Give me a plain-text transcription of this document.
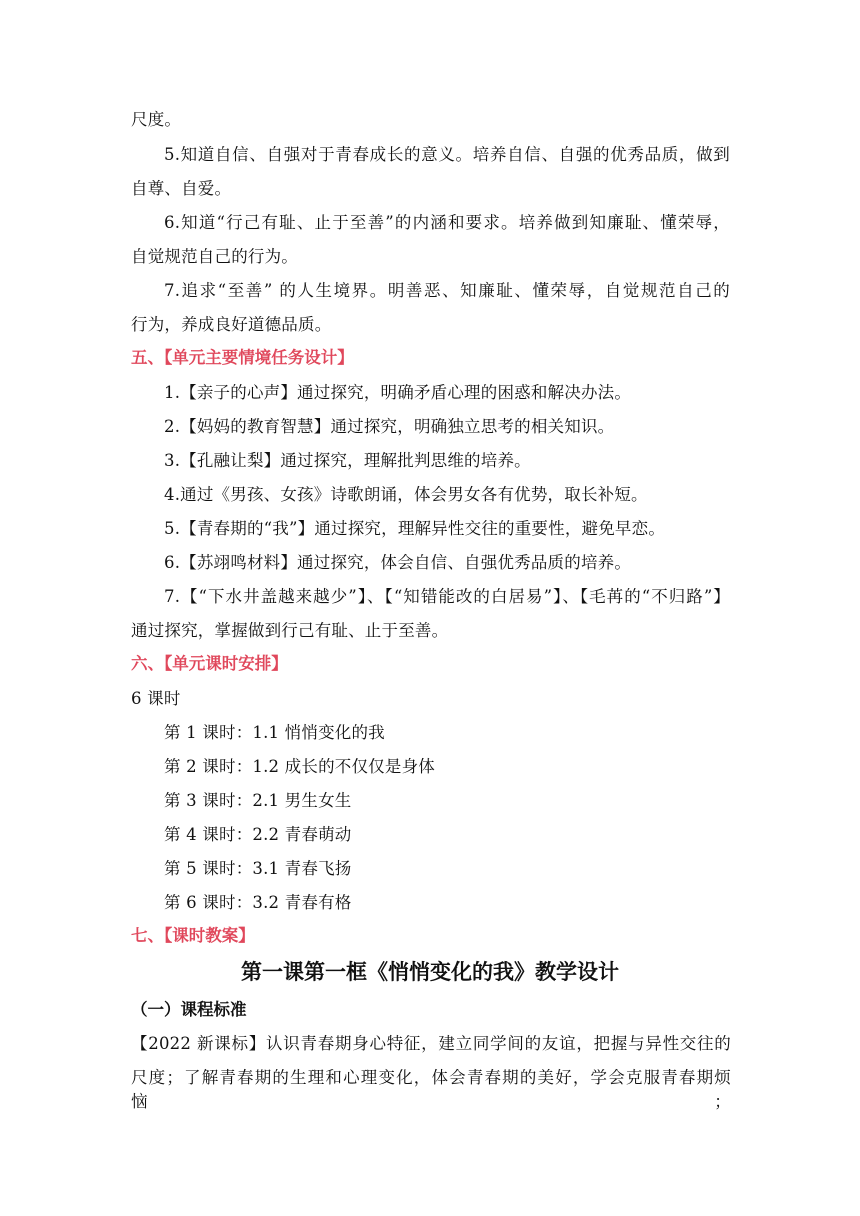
尺度。
5.知道自信、自强对于青春成长的意义。培养自信、自强的优秀品质，做到
自尊、自爱。
6.知道“行己有耻、止于至善”的内涵和要求。培养做到知廉耻、懂荣辱，
自觉规范自己的行为。
7.追求“至善” 的人生境界。明善恶、知廉耻、懂荣辱，自觉规范自己的
行为，养成良好道德品质。
五、【单元主要情境任务设计】
1.【亲子的心声】通过探究，明确矛盾心理的困惑和解决办法。
2.【妈妈的教育智慧】通过探究，明确独立思考的相关知识。
3.【孔融让梨】通过探究，理解批判思维的培养。
4.通过《男孩、女孩》诗歌朗诵，体会男女各有优势，取长补短。
5.【青春期的“我”】通过探究，理解异性交往的重要性，避免早恋。
6.【苏翊鸣材料】通过探究，体会自信、自强优秀品质的培养。
7.【“下水井盖越来越少”】、【“知错能改的白居易”】、【毛苒的“不归路”】
通过探究，掌握做到行己有耻、止于至善。
六、【单元课时安排】
6 课时
第 1 课时：1.1 悄悄变化的我
第 2 课时：1.2 成长的不仅仅是身体
第 3 课时：2.1 男生女生
第 4 课时：2.2 青春萌动
第 5 课时：3.1 青春飞扬
第 6 课时：3.2 青春有格
七、【课时教案】
第一课第一框《悄悄变化的我》教学设计
（一）课程标准
【2022 新课标】认识青春期身心特征，建立同学间的友谊，把握与异性交往的
尺度；了解青春期的生理和心理变化，体会青春期的美好，学会克服青春期烦恼；
